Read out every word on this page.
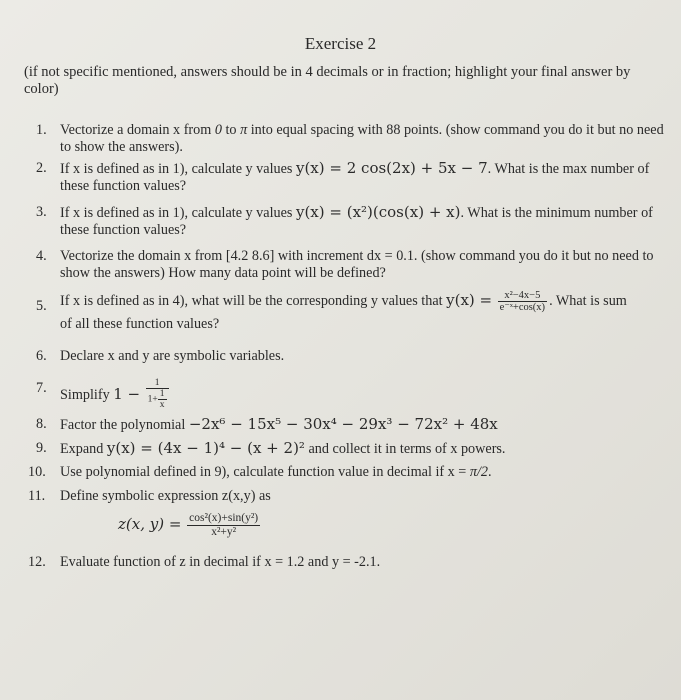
Exercise 2
(if not specific mentioned, answers should be in 4 decimals or in fraction; highlight your final answer by color)
1. Vectorize a domain x from 0 to π into equal spacing with 88 points. (show command you do it but no need to show the answers).
2. If x is defined as in 1), calculate y values y(x) = 2 cos(2x) + 5x − 7. What is the max number of these function values?
3. If x is defined as in 1), calculate y values y(x) = (x²)(cos(x) + x). What is the minimum number of these function values?
4. Vectorize the domain x from [4.2 8.6] with increment dx = 0.1. (show command you do it but no need to show the answers) How many data point will be defined?
5. If x is defined as in 4), what will be the corresponding y values that $y(x) = \frac{\text{x²−4x−5}}{\text{e⁻ˣ+cos(x)}}$ . What is sum
of all these function values?
6. Declare x and y are symbolic variables.
7. Simplify $1 - \frac{1}{1+ \frac{1}{x}}$
8. Factor the polynomial −2x⁶ − 15x⁵ − 30x⁴ − 29x³ − 72x² + 48x
9. Expand y(x) = (4x − 1)⁴ − (x + 2)² and collect it in terms of x powers.
10. Use polynomial defined in 9), calculate function value in decimal if x = π/2.
11. Define symbolic expression z(x,y) as
z(x, $y) = \frac{\text{cos²(x)+sin(y²)}}{\text{x²+y²}}$
12. Evaluate function of z in decimal if x = 1.2 and y = -2.1.
